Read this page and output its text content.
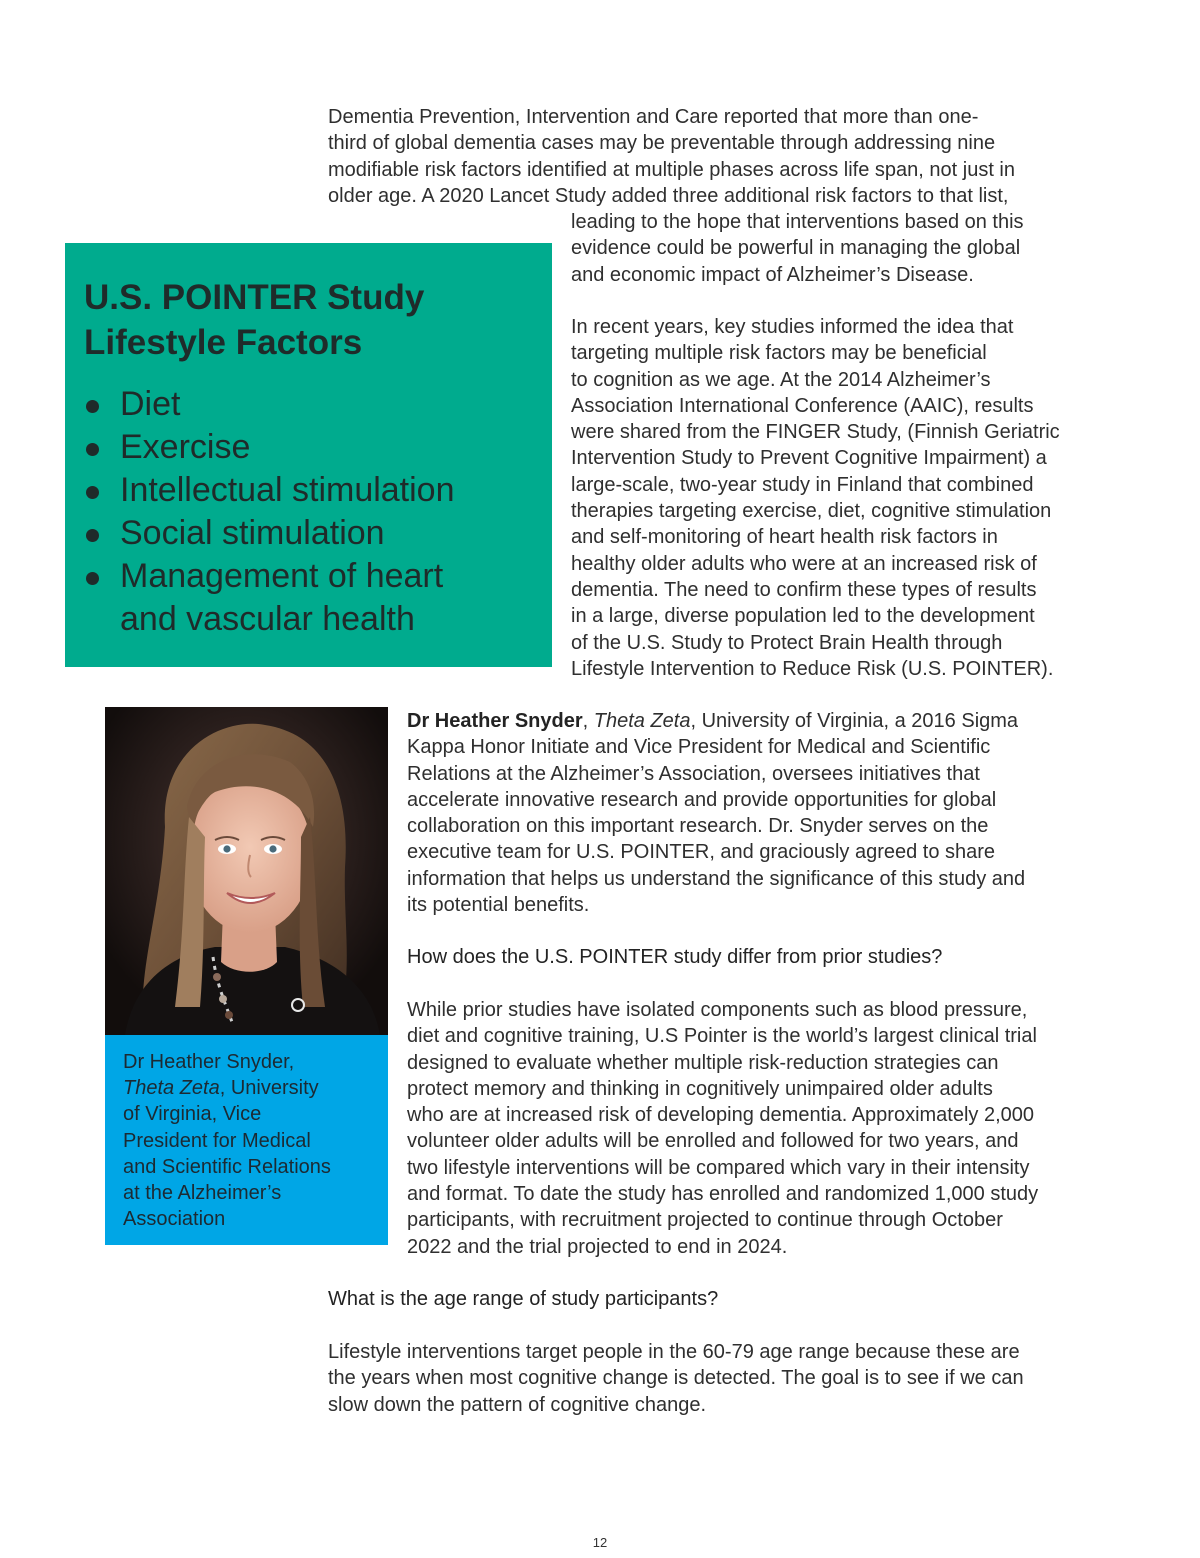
Dementia Prevention, Intervention and Care reported that more than one-
third of global dementia cases may be preventable through addressing nine
modifiable risk factors identified at multiple phases across life span, not just in
older age. A 2020 Lancet Study added three additional risk factors to that list,

leading to the hope that interventions based on this
evidence could be powerful in managing the global
and economic impact of Alzheimer’s Disease.

U.S. POINTER Study
Lifestyle Factors
Diet
Exercise
Intellectual stimulation
Social stimulation
Management of heart
and vascular health

In recent years, key studies informed the idea that
targeting multiple risk factors may be beneficial
to cognition as we age. At the 2014 Alzheimer’s
Association International Conference (AAIC), results
were shared from the FINGER Study, (Finnish Geriatric
Intervention Study to Prevent Cognitive Impairment) a
large-scale, two-year study in Finland that combined
therapies targeting exercise, diet, cognitive stimulation
and self-monitoring of heart health risk factors in
healthy older adults who were at an increased risk of
dementia. The need to confirm these types of results
in a large, diverse population led to the development
of the U.S. Study to Protect Brain Health through
Lifestyle Intervention to Reduce Risk (U.S. POINTER).

Dr Heather Snyder,
Theta Zeta, University
of Virginia, Vice
President for Medical
and Scientific Relations
at the Alzheimer’s
Association

Dr Heather Snyder, Theta Zeta, University of Virginia, a 2016 Sigma
Kappa Honor Initiate and Vice President for Medical and Scientific
Relations at the Alzheimer’s Association, oversees initiatives that
accelerate innovative research and provide opportunities for global
collaboration on this important research. Dr. Snyder serves on the
executive team for U.S. POINTER, and graciously agreed to share
information that helps us understand the significance of this study and
its potential benefits.

How does the U.S. POINTER study differ from prior studies?

While prior studies have isolated components such as blood pressure,
diet and cognitive training, U.S Pointer is the world’s largest clinical trial
designed to evaluate whether multiple risk-reduction strategies can
protect memory and thinking in cognitively unimpaired older adults
who are at increased risk of developing dementia. Approximately 2,000
volunteer older adults will be enrolled and followed for two years, and
two lifestyle interventions will be compared which vary in their intensity
and format. To date the study has enrolled and randomized 1,000 study
participants, with recruitment projected to continue through October
2022 and the trial projected to end in 2024.

What is the age range of study participants?

Lifestyle interventions target people in the 60-79 age range because these are
the years when most cognitive change is detected. The goal is to see if we can
slow down the pattern of cognitive change.

12
